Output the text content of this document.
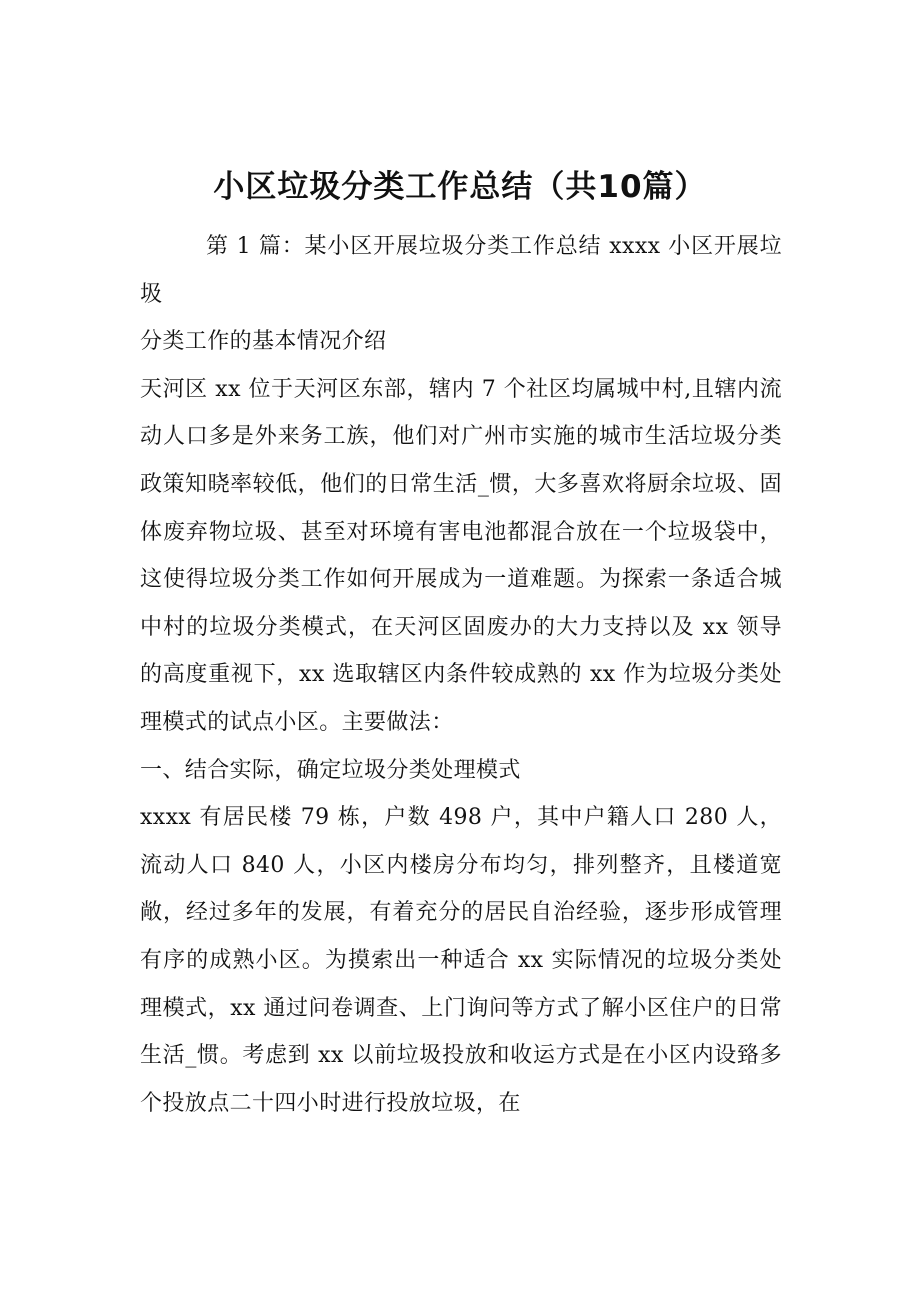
小区垃圾分类工作总结（共10篇）

第 1 篇：某小区开展垃圾分类工作总结 xxxx 小区开展垃圾

分类工作的基本情况介绍

天河区 xx 位于天河区东部，辖内 7 个社区均属城中村,且辖内流动人口多是外来务工族，他们对广州市实施的城市生活垃圾分类政策知晓率较低，他们的日常生活_惯，大多喜欢将厨余垃圾、固体废弃物垃圾、甚至对环境有害电池都混合放在一个垃圾袋中，这使得垃圾分类工作如何开展成为一道难题。为探索一条适合城中村的垃圾分类模式，在天河区固废办的大力支持以及 xx 领导的高度重视下，xx 选取辖区内条件较成熟的 xx 作为垃圾分类处理模式的试点小区。主要做法：

一、结合实际，确定垃圾分类处理模式

xxxx 有居民楼 79 栋，户数 498 户，其中户籍人口 280 人，流动人口 840 人，小区内楼房分布均匀，排列整齐，且楼道宽敞，经过多年的发展，有着充分的居民自治经验，逐步形成管理有序的成熟小区。为摸索出一种适合 xx 实际情况的垃圾分类处理模式，xx 通过问卷调查、上门询问等方式了解小区住户的日常生活_惯。考虑到 xx 以前垃圾投放和收运方式是在小区内设臵多个投放点二十四小时进行投放垃圾，在
